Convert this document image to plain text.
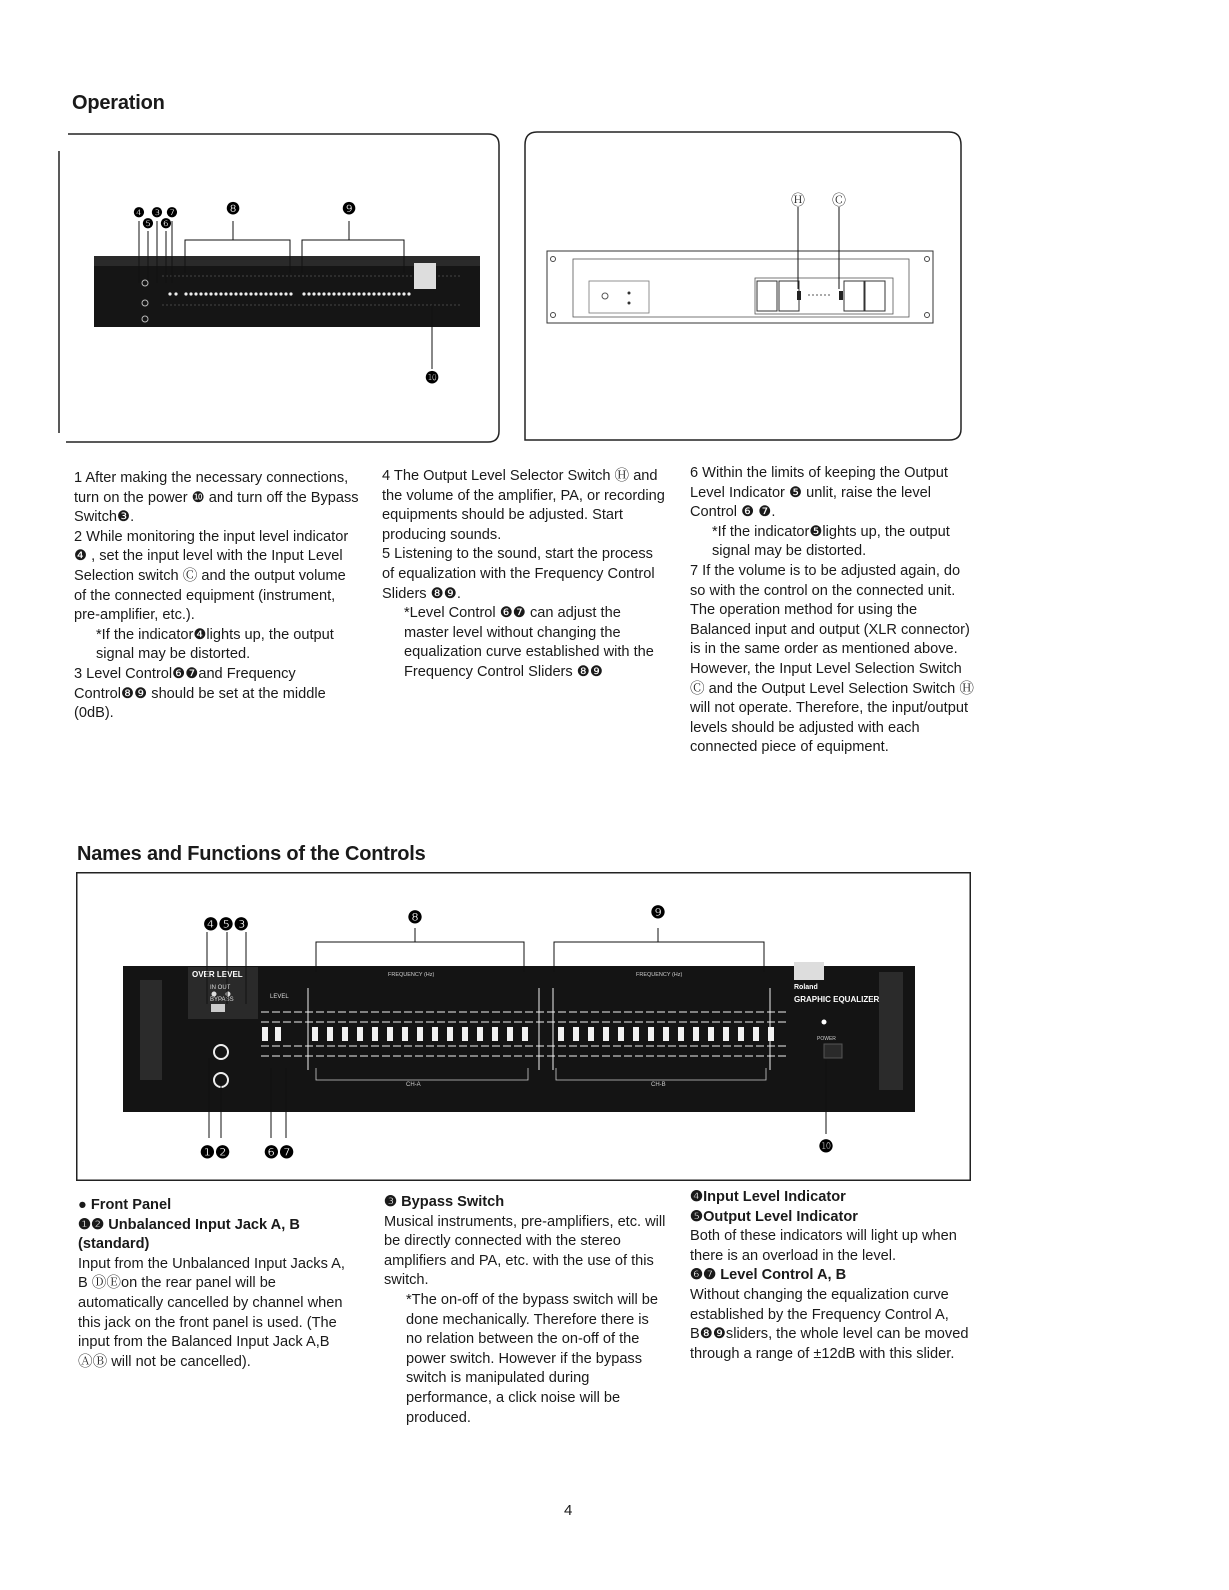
Operation
❹
❺
❸
❻
❼	❽	❾
❿
Ⓗ Ⓒ

1 After making the necessary connections, turn on the power ❿ and turn off the Bypass Switch❸.

2 While monitoring the input level indicator ❹ , set the input level with the Input Level Selection switch Ⓒ and the output volume of the connected equipment (instrument, pre-amplifier, etc.).

*If the indicator❹lights up, the output signal may be distorted.

3 Level Control❻❼and Frequency Control❽❾ should be set at the middle (0dB).

4 The Output Level Selector Switch Ⓗ and the volume of the amplifier, PA, or recording equipments should be adjusted. Start producing sounds.

5 Listening to the sound, start the process of equalization with the Frequency Control Sliders ❽❾.

*Level Control ❻❼ can adjust the master level without changing the equalization curve established with the Frequency Control Sliders ❽❾

6 Within the limits of keeping the Output Level Indicator ❺ unlit, raise the level Control ❻ ❼.

*If the indicator❺lights up, the output signal may be distorted.

7 If the volume is to be adjusted again, do so with the control on the connected unit.

The operation method for using the Balanced input and output (XLR connector) is in the same order as mentioned above. However, the Input Level Selection Switch Ⓒ and the Output Level Selection Switch Ⓗ will not operate. Therefore, the input/output levels should be adjusted with each connected piece of equipment.

Names and Functions of the Controls
OVER LEVEL
IN OUT
BYPASS	LEVEL
FREQUENCY (Hz)	FREQUENCY (Hz)
CH-A	CH-B
Roland
GRAPHIC EQUALIZER
POWER
❹❺❸	❽	❾
❶❷ ❻❼	❿

● Front Panel

❶❷ Unbalanced Input Jack A, B (standard)

Input from the Unbalanced Input Jacks A, B ⒹⒺon the rear panel will be automatically cancelled by channel when this jack on the front panel is used. (The input from the Balanced Input Jack A,B ⒶⒷ will not be cancelled).

❸ Bypass Switch

Musical instruments, pre-amplifiers, etc. will be directly connected with the stereo amplifiers and PA, etc. with the use of this switch.

*The on-off of the bypass switch will be done mechanically. Therefore there is no relation between the on-off of the power switch. However if the bypass switch is manipulated during performance, a click noise will be produced.

❹Input Level Indicator

❺Output Level Indicator

Both of these indicators will light up when there is an overload in the level.

❻❼ Level Control A, B

Without changing the equalization curve established by the Frequency Control A, B❽❾sliders, the whole level can be moved through a range of ±12dB with this slider.

4
